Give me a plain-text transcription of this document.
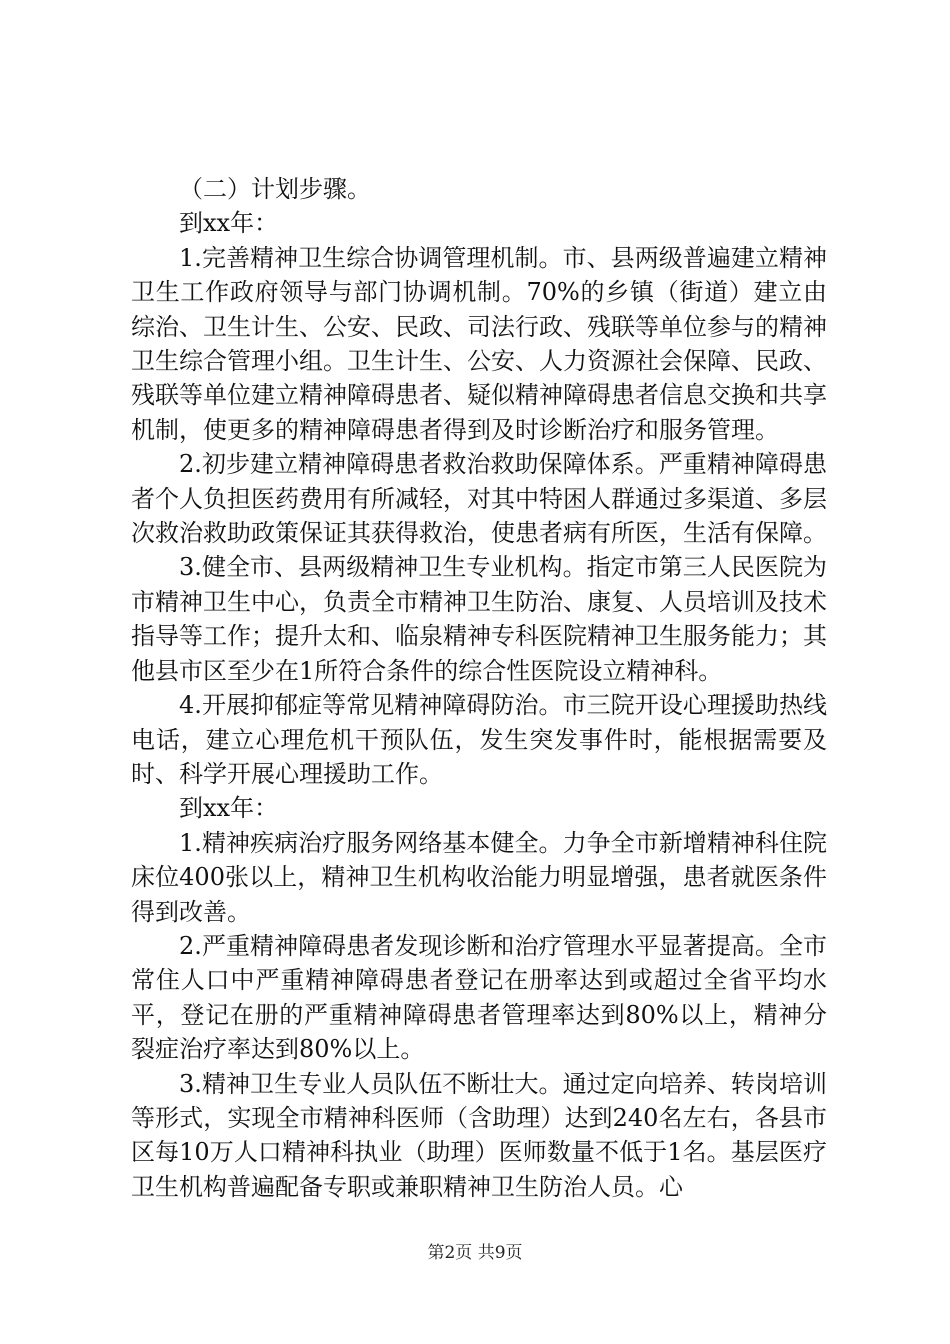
（二）计划步骤。

到xx年：

1.完善精神卫生综合协调管理机制。市、县两级普遍建立精神卫生工作政府领导与部门协调机制。70%的乡镇（街道）建立由综治、卫生计生、公安、民政、司法行政、残联等单位参与的精神卫生综合管理小组。卫生计生、公安、人力资源社会保障、民政、残联等单位建立精神障碍患者、疑似精神障碍患者信息交换和共享机制，使更多的精神障碍患者得到及时诊断治疗和服务管理。

2.初步建立精神障碍患者救治救助保障体系。严重精神障碍患者个人负担医药费用有所减轻，对其中特困人群通过多渠道、多层次救治救助政策保证其获得救治，使患者病有所医，生活有保障。

3.健全市、县两级精神卫生专业机构。指定市第三人民医院为市精神卫生中心，负责全市精神卫生防治、康复、人员培训及技术指导等工作；提升太和、临泉精神专科医院精神卫生服务能力；其他县市区至少在1所符合条件的综合性医院设立精神科。

4.开展抑郁症等常见精神障碍防治。市三院开设心理援助热线电话，建立心理危机干预队伍，发生突发事件时，能根据需要及时、科学开展心理援助工作。

到xx年：

1.精神疾病治疗服务网络基本健全。力争全市新增精神科住院床位400张以上，精神卫生机构收治能力明显增强，患者就医条件得到改善。

2.严重精神障碍患者发现诊断和治疗管理水平显著提高。全市常住人口中严重精神障碍患者登记在册率达到或超过全省平均水平，登记在册的严重精神障碍患者管理率达到80%以上，精神分裂症治疗率达到80%以上。

3.精神卫生专业人员队伍不断壮大。通过定向培养、转岗培训等形式，实现全市精神科医师（含助理）达到240名左右，各县市区每10万人口精神科执业（助理）医师数量不低于1名。基层医疗卫生机构普遍配备专职或兼职精神卫生防治人员。心

第2页 共9页
